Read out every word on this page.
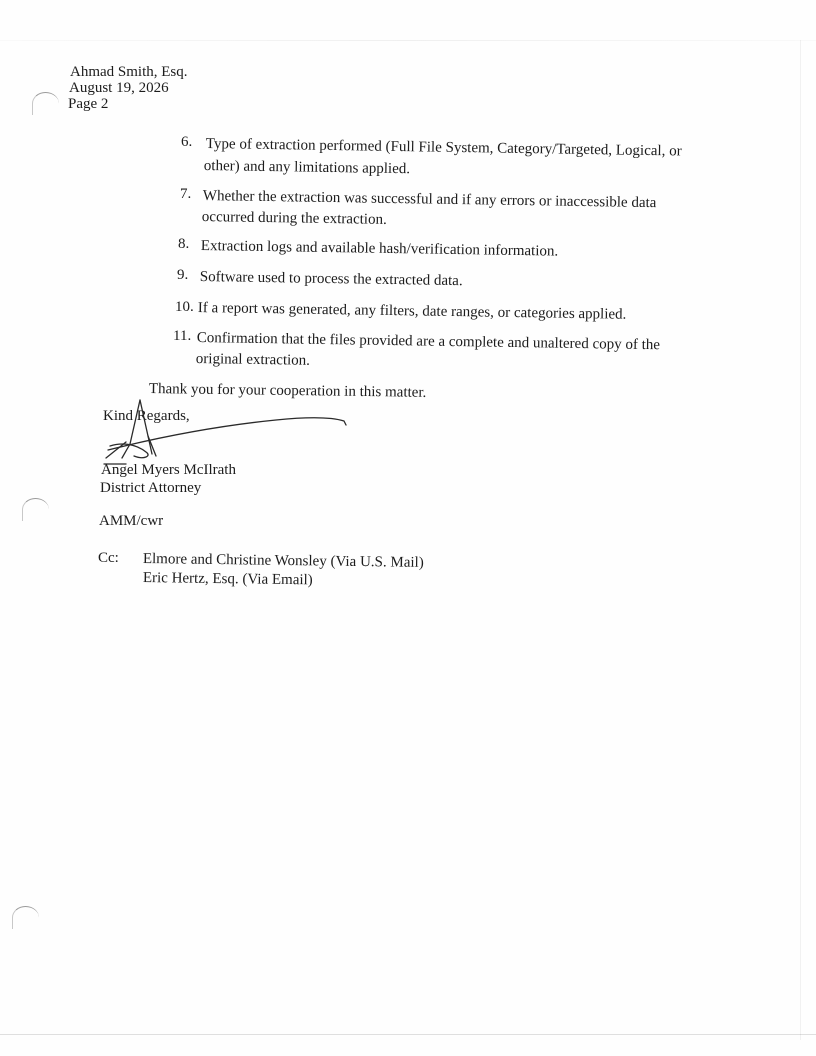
Ahmad Smith, Esq.
August 19, 2026
Page 2
6. Type of extraction performed (Full File System, Category/Targeted, Logical, or
other) and any limitations applied.
7. Whether the extraction was successful and if any errors or inaccessible data
occurred during the extraction.
8. Extraction logs and available hash/verification information.
9. Software used to process the extracted data.
10. If a report was generated, any filters, date ranges, or categories applied.
11. Confirmation that the files provided are a complete and unaltered copy of the
original extraction.
Thank you for your cooperation in this matter.
Kind Regards,
Angel Myers McIlrath
District Attorney
AMM/cwr
Cc: Elmore and Christine Wonsley (Via U.S. Mail)
Eric Hertz, Esq. (Via Email)
